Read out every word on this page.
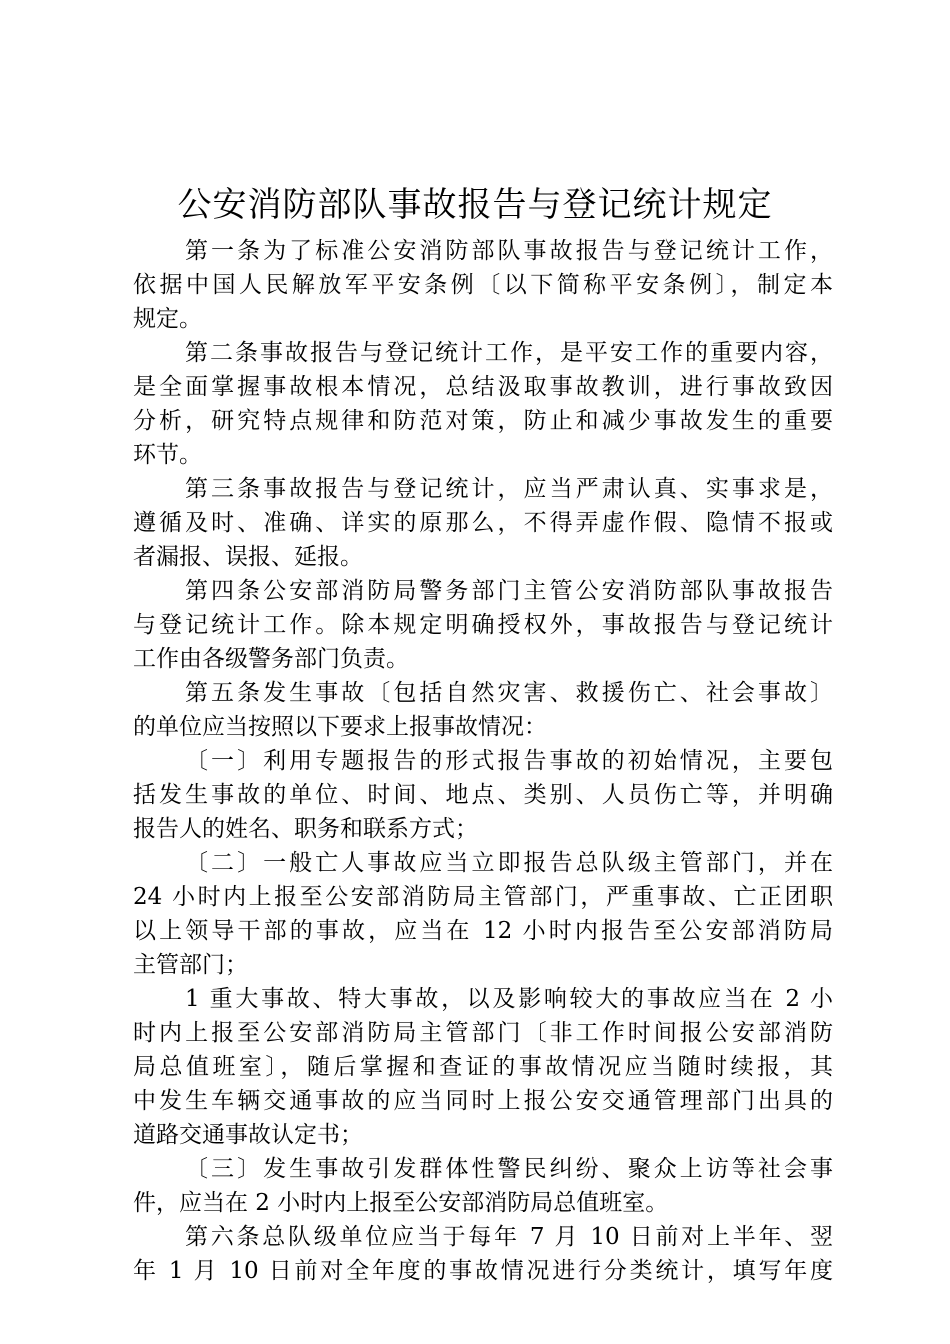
公安消防部队事故报告与登记统计规定
第一条为了标准公安消防部队事故报告与登记统计工作，
依据中国人民解放军平安条例〔以下简称平安条例〕，制定本
规定。
第二条事故报告与登记统计工作，是平安工作的重要内容，
是全面掌握事故根本情况，总结汲取事故教训，进行事故致因
分析，研究特点规律和防范对策，防止和减少事故发生的重要
环节。
第三条事故报告与登记统计，应当严肃认真、实事求是，
遵循及时、准确、详实的原那么，不得弄虚作假、隐情不报或
者漏报、误报、延报。
第四条公安部消防局警务部门主管公安消防部队事故报告
与登记统计工作。除本规定明确授权外，事故报告与登记统计
工作由各级警务部门负责。
第五条发生事故〔包括自然灾害、救援伤亡、社会事故〕
的单位应当按照以下要求上报事故情况：
〔一〕利用专题报告的形式报告事故的初始情况，主要包
括发生事故的单位、时间、地点、类别、人员伤亡等，并明确
报告人的姓名、职务和联系方式；
〔二〕一般亡人事故应当立即报告总队级主管部门，并在
24 小时内上报至公安部消防局主管部门，严重事故、亡正团职
以上领导干部的事故，应当在 12 小时内报告至公安部消防局
主管部门；
1 重大事故、特大事故，以及影响较大的事故应当在 2 小
时内上报至公安部消防局主管部门〔非工作时间报公安部消防
局总值班室〕，随后掌握和查证的事故情况应当随时续报，其
中发生车辆交通事故的应当同时上报公安交通管理部门出具的
道路交通事故认定书；
〔三〕发生事故引发群体性警民纠纷、聚众上访等社会事
件，应当在 2 小时内上报至公安部消防局总值班室。
第六条总队级单位应当于每年 7 月 10 日前对上半年、翌
年 1 月 10 日前对全年度的事故情况进行分类统计，填写年度
